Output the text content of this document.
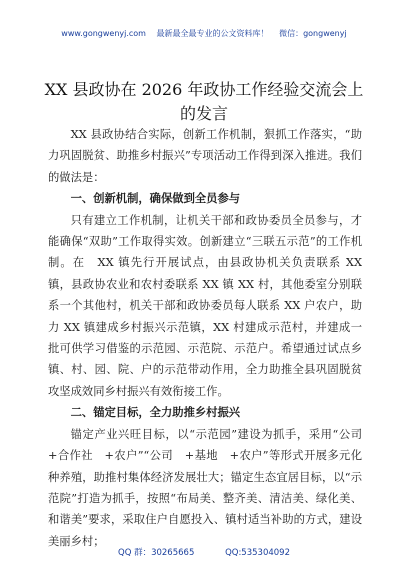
www.gongwenyj.com 最新最全最专业的公文资料库！ 微信：gongwenyj
XX 县政协在 2026 年政协工作经验交流会上的发言

XX 县政协结合实际，创新工作机制，狠抓工作落实，“助力巩固脱贫、助推乡村振兴”专项活动工作得到深入推进。我们的做法是：

一、创新机制，确保做到全员参与

只有建立工作机制，让机关干部和政协委员全员参与，才能确保“双助”工作取得实效。创新建立“三联五示范”的工作机制。在　XX 镇先行开展试点，由县政协机关负责联系 XX 镇，县政协农业和农村委联系 XX 镇 XX 村，其他委室分别联系一个其他村，机关干部和政协委员每人联系 XX 户农户，助力 XX 镇建成乡村振兴示范镇，XX 村建成示范村，并建成一批可供学习借鉴的示范园、示范院、示范户。希望通过试点乡镇、村、园、院、户的示范带动作用，全力助推全县巩固脱贫攻坚成效同乡村振兴有效衔接工作。

二、锚定目标，全力助推乡村振兴

锚定产业兴旺目标，以“示范园”建设为抓手，采用“公司　+合作社　+农户”“公司　+基地　+农户”等形式开展多元化种养殖，助推村集体经济发展壮大；锚定生态宜居目标，以“示范院”打造为抓手，按照“布局美、整齐美、清洁美、绿化美、和谐美”要求，采取住户自愿投入、镇村适当补助的方式，建设美丽乡村；

QQ 群：30265665	QQ:535304092
